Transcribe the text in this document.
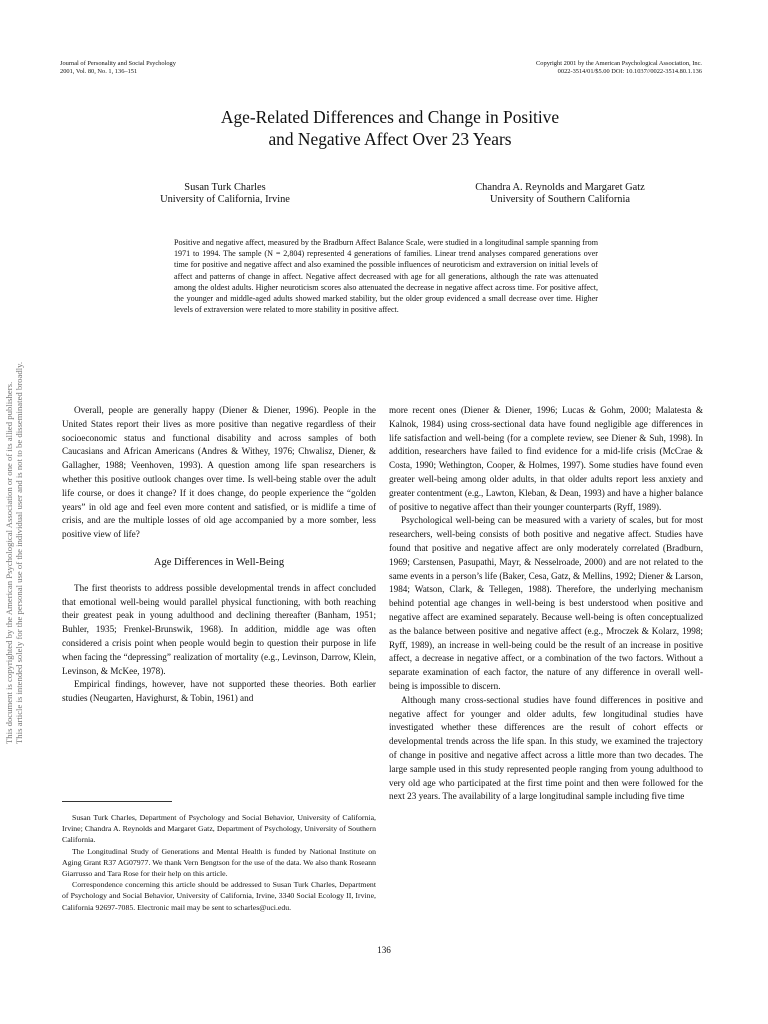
Journal of Personality and Social Psychology
2001, Vol. 80, No. 1, 136–151
Copyright 2001 by the American Psychological Association, Inc.
0022-3514/01/$5.00 DOI: 10.1037//0022-3514.80.1.136
Age-Related Differences and Change in Positive
and Negative Affect Over 23 Years
Susan Turk Charles
University of California, Irvine
Chandra A. Reynolds and Margaret Gatz
University of Southern California
Positive and negative affect, measured by the Bradburn Affect Balance Scale, were studied in a longitudinal sample spanning from 1971 to 1994. The sample (N = 2,804) represented 4 generations of families. Linear trend analyses compared generations over time for positive and negative affect and also examined the possible influences of neuroticism and extraversion on initial levels of affect and patterns of change in affect. Negative affect decreased with age for all generations, although the rate was attenuated among the oldest adults. Higher neuroticism scores also attenuated the decrease in negative affect across time. For positive affect, the younger and middle-aged adults showed marked stability, but the older group evidenced a small decrease over time. Higher levels of extraversion were related to more stability in positive affect.
This document is copyrighted by the American Psychological Association or one of its allied publishers. This article is intended solely for the personal use of the individual user and is not to be disseminated broadly.	Overall, people are generally happy (Diener & Diener, 1996). People in the United States report their lives as more positive than negative regardless of their socioeconomic status and functional disability and across samples of both Caucasians and African Americans (Andres & Withey, 1976; Chwalisz, Diener, & Gallagher, 1988; Veenhoven, 1993). A question among life span researchers is whether this positive outlook changes over time. Is well-being stable over the adult life course, or does it change? If it does change, do people experience the “golden years” in old age and feel even more content and satisfied, or is midlife a time of crisis, and are the multiple losses of old age accompanied by a more somber, less positive view of life?

Age Differences in Well-Being

The first theorists to address possible developmental trends in affect concluded that emotional well-being would parallel physical functioning, with both reaching their greatest peak in young adulthood and declining thereafter (Banham, 1951; Buhler, 1935; Frenkel-Brunswik, 1968). In addition, middle age was often considered a crisis point when people would begin to question their purpose in life when facing the “depressing” realization of mortality (e.g., Levinson, Darrow, Klein, Levinson, & McKee, 1978).

Empirical findings, however, have not supported these theories. Both earlier studies (Neugarten, Havighurst, & Tobin, 1961) and

Susan Turk Charles, Department of Psychology and Social Behavior, University of California, Irvine; Chandra A. Reynolds and Margaret Gatz, Department of Psychology, University of Southern California.

The Longitudinal Study of Generations and Mental Health is funded by National Institute on Aging Grant R37 AG07977. We thank Vern Bengtson for the use of the data. We also thank Roseann Giarrusso and Tara Rose for their help on this article.

Correspondence concerning this article should be addressed to Susan Turk Charles, Department of Psychology and Social Behavior, University of California, Irvine, 3340 Social Ecology II, Irvine, California 92697-7085. Electronic mail may be sent to scharles@uci.edu.

more recent ones (Diener & Diener, 1996; Lucas & Gohm, 2000; Malatesta & Kalnok, 1984) using cross-sectional data have found negligible age differences in life satisfaction and well-being (for a complete review, see Diener & Suh, 1998). In addition, researchers have failed to find evidence for a mid-life crisis (McCrae & Costa, 1990; Wethington, Cooper, & Holmes, 1997). Some studies have found even greater well-being among older adults, in that older adults report less anxiety and greater contentment (e.g., Lawton, Kleban, & Dean, 1993) and have a higher balance of positive to negative affect than their younger counterparts (Ryff, 1989).

Psychological well-being can be measured with a variety of scales, but for most researchers, well-being consists of both positive and negative affect. Studies have found that positive and negative affect are only moderately correlated (Bradburn, 1969; Carstensen, Pasupathi, Mayr, & Nesselroade, 2000) and are not related to the same events in a person’s life (Baker, Cesa, Gatz, & Mellins, 1992; Diener & Larson, 1984; Watson, Clark, & Tellegen, 1988). Therefore, the underlying mechanism behind potential age changes in well-being is best understood when positive and negative affect are examined separately. Because well-being is often conceptualized as the balance between positive and negative affect (e.g., Mroczek & Kolarz, 1998; Ryff, 1989), an increase in well-being could be the result of an increase in positive affect, a decrease in negative affect, or a combination of the two factors. Without a separate examination of each factor, the nature of any difference in overall well-being is impossible to discern.

Although many cross-sectional studies have found differences in positive and negative affect for younger and older adults, few longitudinal studies have investigated whether these differences are the result of cohort effects or developmental trends across the life span. In this study, we examined the trajectory of change in positive and negative affect across a little more than two decades. The large sample used in this study represented people ranging from young adulthood to very old age who participated at the first time point and then were followed for the next 23 years. The availability of a large longitudinal sample including five time

136
